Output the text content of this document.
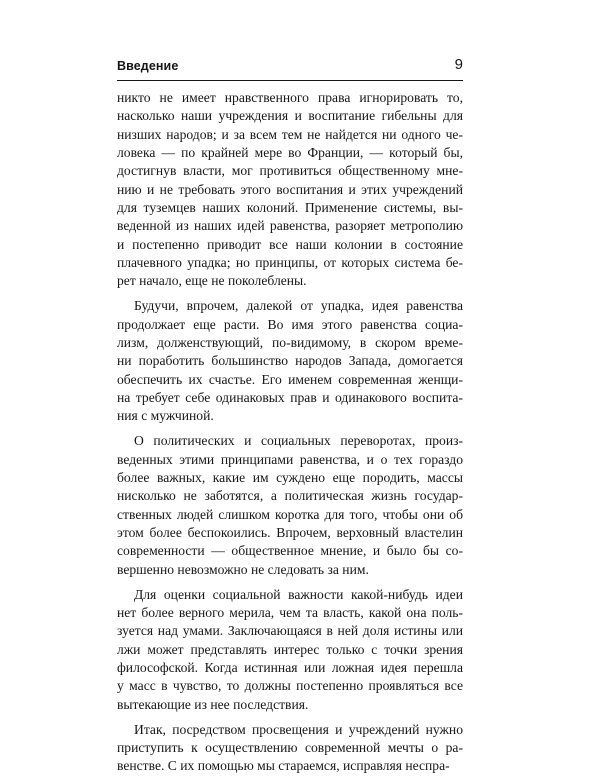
Введение	9

никто не имеет нравственного права игнорировать то,
насколько наши учреждения и воспитание гибельны для
низших народов; и за всем тем не найдется ни одного че-
ловека — по крайней мере во Франции, — который бы,
достигнув власти, мог противиться общественному мне-
нию и не требовать этого воспитания и этих учреждений
для туземцев наших колоний. Применение системы, вы-
веденной из наших идей равенства, разоряет метрополию
и постепенно приводит все наши колонии в состояние
плачевного упадка; но принципы, от которых система бе-
рет начало, еще не поколеблены.

Будучи, впрочем, далекой от упадка, идея равенства
продолжает еще расти. Во имя этого равенства социа-
лизм, долженствующий, по-видимому, в скором време-
ни поработить большинство народов Запада, домогается
обеспечить их счастье. Его именем современная женщи-
на требует себе одинаковых прав и одинакового воспита-
ния с мужчиной.

О политических и социальных переворотах, произ-
веденных этими принципами равенства, и о тех гораздо
более важных, какие им суждено еще породить, массы
нисколько не заботятся, а политическая жизнь государ-
ственных людей слишком коротка для того, чтобы они об
этом более беспокоились. Впрочем, верховный властелин
современности — общественное мнение, и было бы со-
вершенно невозможно не следовать за ним.

Для оценки социальной важности какой-нибудь идеи
нет более верного мерила, чем та власть, какой она поль-
зуется над умами. Заключающаяся в ней доля истины или
лжи может представлять интерес только с точки зрения
философской. Когда истинная или ложная идея перешла
у масс в чувство, то должны постепенно проявляться все
вытекающие из нее последствия.

Итак, посредством просвещения и учреждений нужно
приступить к осуществлению современной мечты о ра-
венстве. С их помощью мы стараемся, исправляя неспра-
